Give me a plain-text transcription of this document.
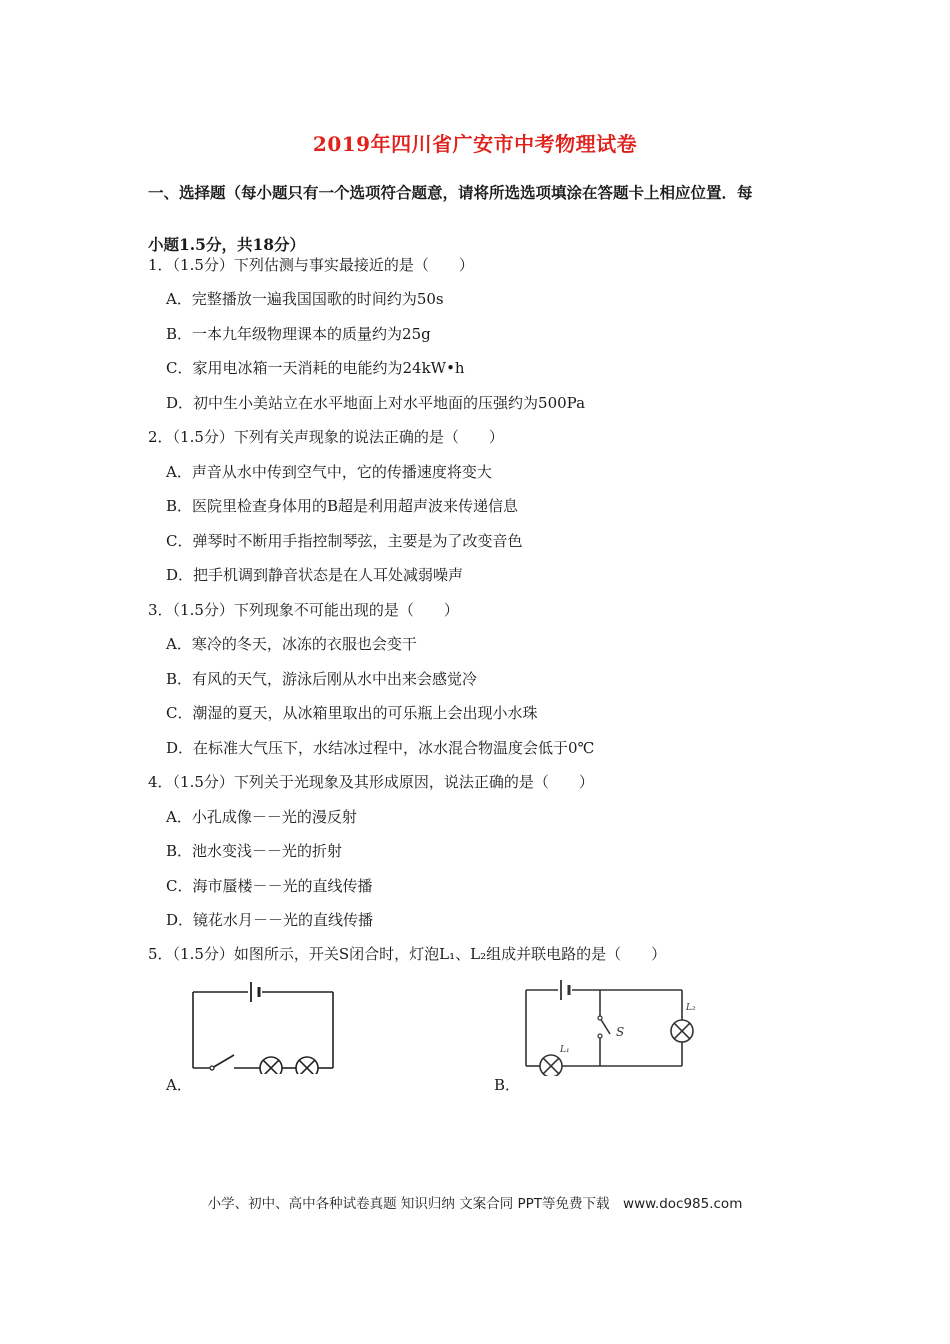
2019年四川省广安市中考物理试卷
一、选择题（每小题只有一个选项符合题意，请将所选选项填涂在答题卡上相应位置．每
小题1.5分，共18分）
1．（1.5分）下列估测与事实最接近的是（　　）
A．完整播放一遍我国国歌的时间约为50s
B．一本九年级物理课本的质量约为25g
C．家用电冰箱一天消耗的电能约为24kW•h
D．初中生小美站立在水平地面上对水平地面的压强约为500Pa
2．（1.5分）下列有关声现象的说法正确的是（　　）
A．声音从水中传到空气中，它的传播速度将变大
B．医院里检查身体用的B超是利用超声波来传递信息
C．弹琴时不断用手指控制琴弦，主要是为了改变音色
D．把手机调到静音状态是在人耳处减弱噪声
3．（1.5分）下列现象不可能出现的是（　　）
A．寒冷的冬天，冰冻的衣服也会变干
B．有风的天气，游泳后刚从水中出来会感觉冷
C．潮湿的夏天，从冰箱里取出的可乐瓶上会出现小水珠
D．在标准大气压下，水结冰过程中，冰水混合物温度会低于0℃
4．（1.5分）下列关于光现象及其形成原因，说法正确的是（　　）
A．小孔成像－－光的漫反射
B．池水变浅－－光的折射
C．海市蜃楼－－光的直线传播
D．镜花水月－－光的直线传播
5．（1.5分）如图所示，开关S闭合时，灯泡L₁、L₂组成并联电路的是（　　）
A．
S
L₁
L₂
B．
小学、初中、高中各种试卷真题 知识归纳 文案合同 PPT等免费下载　www.doc985.com
